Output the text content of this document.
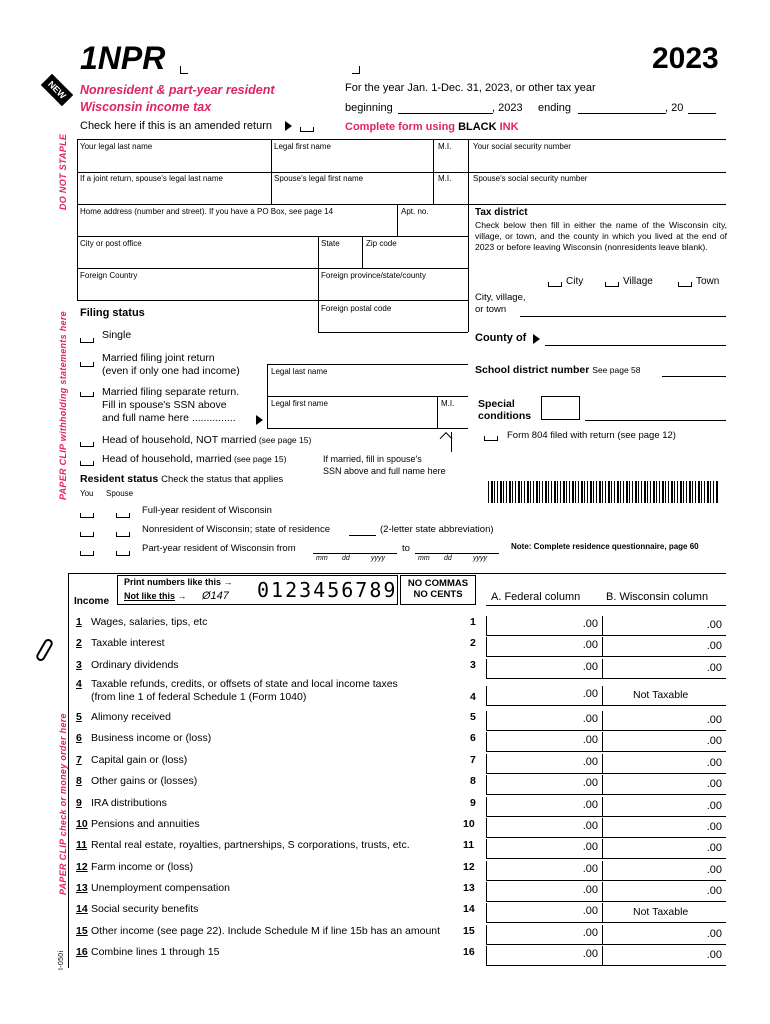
1NPR	2023
NEW Nonresident & part-year resident
Wisconsin income tax
Check here if this is an amended return
For the year Jan. 1-Dec. 31, 2023, or other tax year
beginning	, 2023 ending	, 20
Complete form using BLACK INK
DO NOT STAPLE
PAPER CLIP withholding statements here
PAPER CLIP check or money order here
I-050i
Your legal last name	Legal first name	M.I.	Your social security number
If a joint return, spouse's legal last name	Spouse's legal first name	M.I.	Spouse's social security number
Home address (number and street). If you have a PO Box, see page 14	Apt. no.
City or post office	State	Zip code
Foreign Country	Foreign province/state/county
Foreign postal code
Tax district
Check below then fill in either the name of the Wisconsin city, village, or town, and the county in which you lived at the end of 2023 or before leaving Wisconsin (nonresidents leave blank).
City	Village	Town
City, village,
or town
County of
School district number See page 58
Special
conditions
Form 804 filed with return (see page 12)
Filing status
Single
Married filing joint return
(even if only one had income)
Married filing separate return.
Fill in spouse's SSN above
and full name here ...............
Legal last name
Legal first name	M.I.
Head of household, NOT married (see page 15)
Head of household, married (see page 15)	If married, fill in spouse's
SSN above and full name here
Resident status Check the status that applies
You Spouse
Full-year resident of Wisconsin
Nonresident of Wisconsin; state of residence	(2-letter state abbreviation)
Part-year resident of Wisconsin from	to
mm dd	yyyy	mm dd	yyyy
Note: Complete residence questionnaire, page 60
Income
Print numbers like this →
Not like this →	0123456789
Ø147
NO COMMAS
NO CENTS	A. Federal column B. Wisconsin column
1 Wages, salaries, tips, etc	1	.00	.00
2 Taxable interest	2	.00	.00
3 Ordinary dividends	3	.00	.00
4 Taxable refunds, credits, or offsets of state and local income taxes
(from line 1 of federal Schedule 1 (Form 1040)	4	.00	Not Taxable
5 Alimony received	5	.00	.00
6 Business income or (loss)	6	.00	.00
7 Capital gain or (loss)	7	.00	.00
8 Other gains or (losses)	8	.00	.00
9 IRA distributions	9	.00	.00
10 Pensions and annuities	10	.00	.00
11 Rental real estate, royalties, partnerships, S corporations, trusts, etc.	11	.00	.00
12 Farm income or (loss)	12	.00	.00
13 Unemployment compensation	13	.00	.00
14 Social security benefits	14	.00	Not Taxable
15 Other income (see page 22). Include Schedule M if line 15b has an amount	15	.00	.00
16 Combine lines 1 through 15	16	.00	.00
